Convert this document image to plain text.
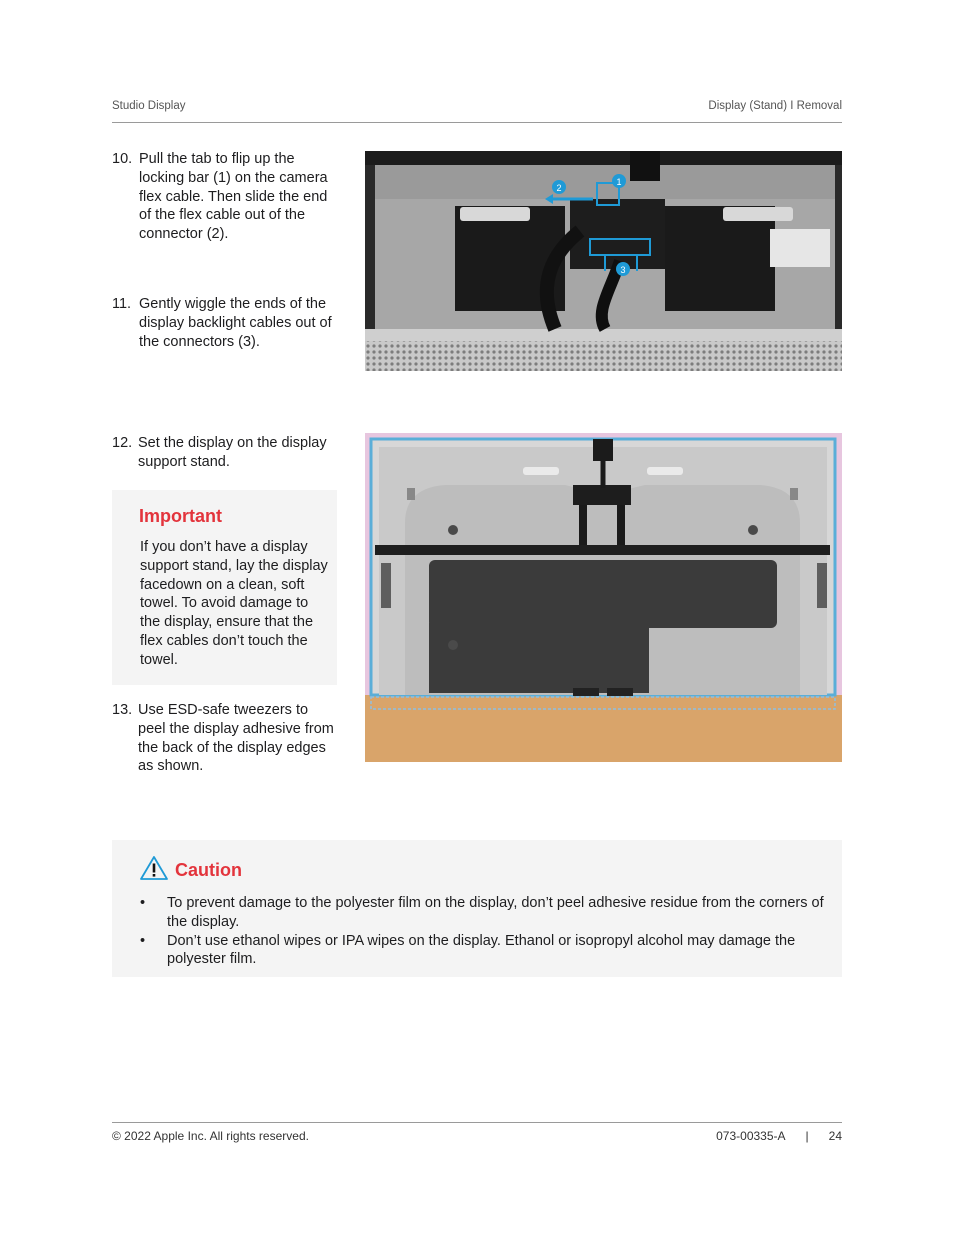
Studio Display	Display (Stand) I Removal
10. Pull the tab to flip up the locking bar (1) on the camera flex cable. Then slide the end of the flex cable out of the connector (2).
11. Gently wiggle the ends of the display backlight cables out of the connectors (3).
2
1
3
12. Set the display on the display support stand.
Important
If you don’t have a display support stand, lay the display facedown on a clean, soft towel. To avoid damage to the display, ensure that the flex cables don’t touch the towel.
13. Use ESD-safe tweezers to peel the display adhesive from the back of the display edges as shown.
Caution
• To prevent damage to the polyester film on the display, don’t peel adhesive residue from the corners of the display.
• Don’t use ethanol wipes or IPA wipes on the display. Ethanol or isopropyl alcohol may damage the polyester film.
© 2022 Apple Inc. All rights reserved.	073-00335-A | 24
